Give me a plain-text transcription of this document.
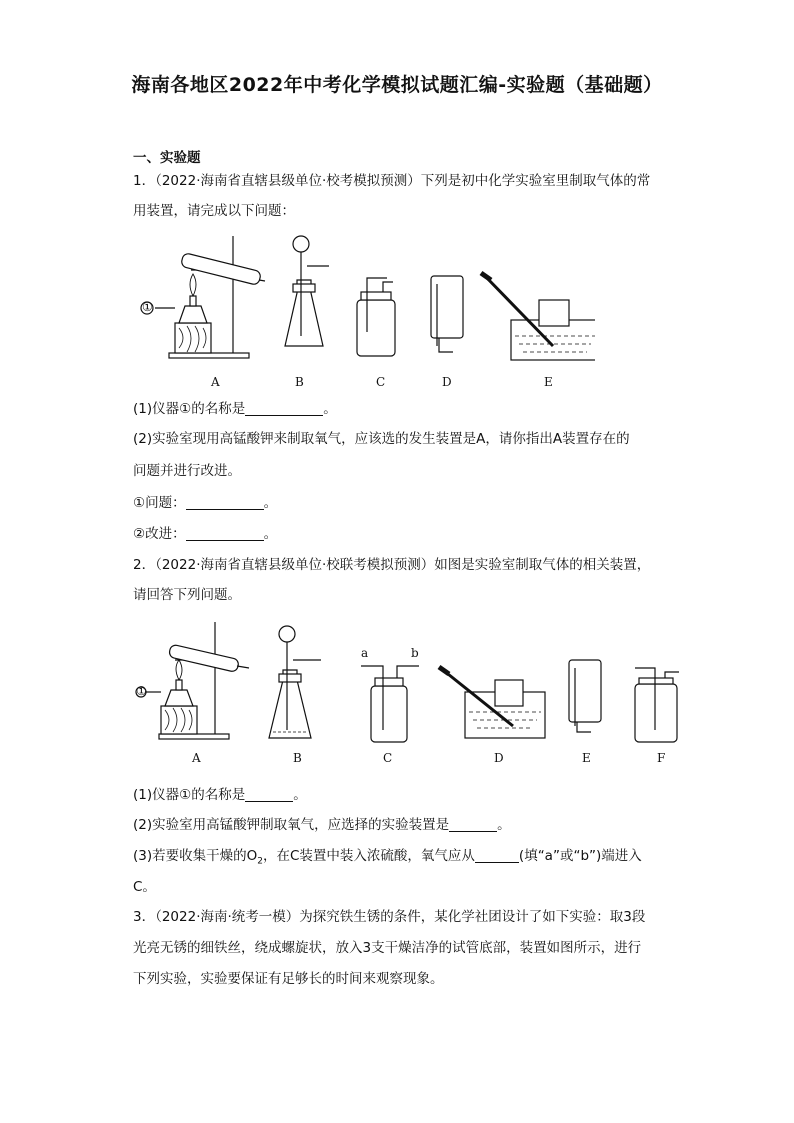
海南各地区2022年中考化学模拟试题汇编-实验题（基础题）
一、实验题
1．（2022·海南省直辖县级单位·校考模拟预测）下列是初中化学实验室里制取气体的常
用装置，请完成以下问题：
①
A	B	C	D	E
(1)仪器①的名称是	。
(2)实验室现用高锰酸钾来制取氧气，应该选的发生装置是A，请你指出A装置存在的
问题并进行改进。
①问题：	。
②改进：	。
2．（2022·海南省直辖县级单位·校联考模拟预测）如图是实验室制取气体的相关装置，
请回答下列问题。
①
a	b
A	B	C	D	E	F
(1)仪器①的名称是	。
(2)实验室用高锰酸钾制取氧气，应选择的实验装置是	。
(3)若要收集干燥的$O_2$，在C装置中装入浓硫酸，氧气应从	(填“a”或“b”)端进入
C。
3．（2022·海南·统考一模）为探究铁生锈的条件，某化学社团设计了如下实验：取3段
光亮无锈的细铁丝，绕成螺旋状，放入3支干燥洁净的试管底部，装置如图所示，进行
下列实验，实验要保证有足够长的时间来观察现象。
